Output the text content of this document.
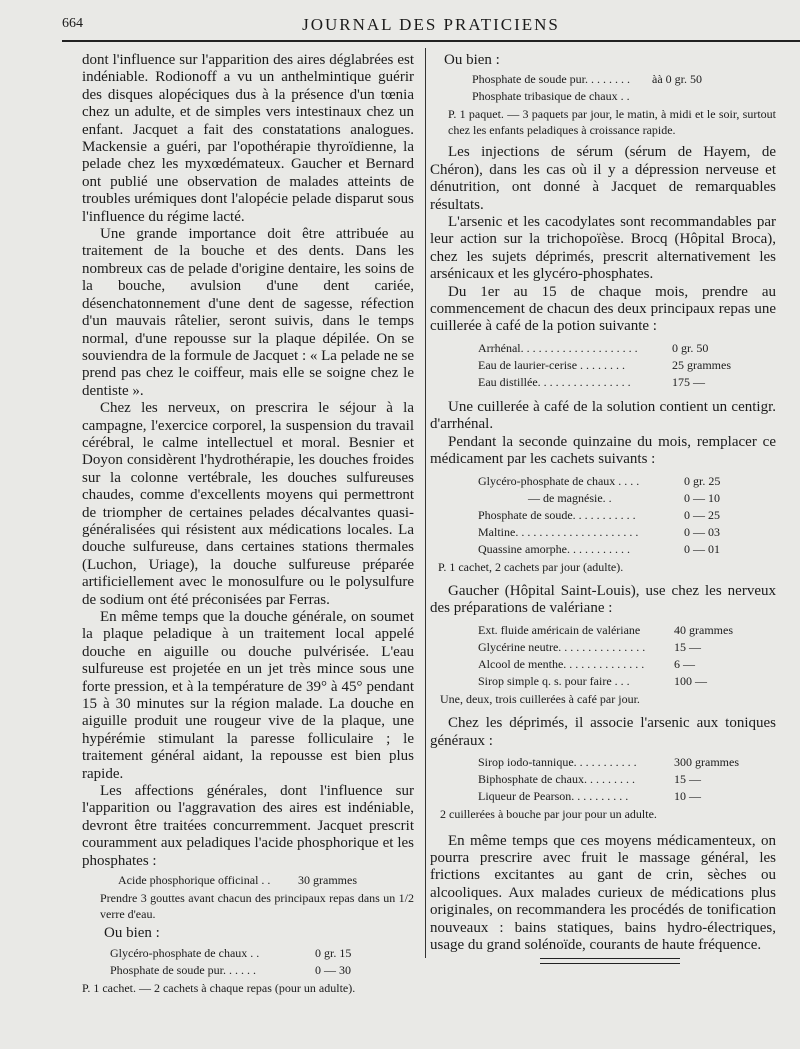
664	JOURNAL DES PRATICIENS

dont l'influence sur l'apparition des aires déglabrées est indéniable. Rodionoff a vu un anthelmintique guérir des disques alopéciques dus à la présence d'un tœnia chez un adulte, et de simples vers intestinaux chez un enfant. Jacquet a fait des constatations analogues. Mackensie a guéri, par l'opothérapie thyroïdienne, la pelade chez les myxœdémateux. Gaucher et Bernard ont publié une observation de malades atteints de troubles urémiques dont l'alopécie pelade disparut sous l'influence du régime lacté.

Une grande importance doit être attribuée au traitement de la bouche et des dents. Dans les nombreux cas de pelade d'origine dentaire, les soins de la bouche, avulsion d'une dent cariée, désenchatonnement d'une dent de sagesse, réfection d'un mauvais râtelier, seront suivis, dans le temps normal, d'une repousse sur la plaque dépilée. On se souviendra de la formule de Jacquet : « La pelade ne se prend pas chez le coiffeur, mais elle se soigne chez le dentiste ».

Chez les nerveux, on prescrira le séjour à la campagne, l'exercice corporel, la suspension du travail cérébral, le calme intellectuel et moral. Besnier et Doyon considèrent l'hydrothérapie, les douches froides sur la colonne vertébrale, les douches sulfureuses chaudes, comme d'excellents moyens qui permettront de triompher de certaines pelades décalvantes quasi-généralisées qui résistent aux médications locales. La douche sulfureuse, dans certaines stations thermales (Luchon, Uriage), la douche sulfureuse préparée artificiellement avec le monosulfure ou le polysulfure de sodium ont été préconisées par Ferras.

En même temps que la douche générale, on soumet la plaque peladique à un traitement local appelé douche en aiguille ou douche pulvérisée. L'eau sulfureuse est projetée en un jet très mince sous une forte pression, et à la température de 39° à 45° pendant 15 à 30 minutes sur la région malade. La douche en aiguille produit une rougeur vive de la plaque, une hypérémie stimulant la paresse folliculaire ; le traitement général aidant, la repousse est bien plus rapide.

Les affections générales, dont l'influence sur l'apparition ou l'aggravation des aires est indéniable, devront être traitées concurremment. Jacquet prescrit couramment aux peladiques l'acide phosphorique et les phosphates :

Acide phosphorique officinal . .	30 grammes

Prendre 3 gouttes avant chacun des principaux repas dans un 1/2 verre d'eau.

Ou bien :

Glycéro-phosphate de chaux . .	0 gr. 15
Phosphate de soude pur. . . . . .	0 — 30

P. 1 cachet. — 2 cachets à chaque repas (pour un adulte).

Ou bien :

Phosphate de soude pur. . . . . . . .	àà 0 gr. 50
Phosphate tribasique de chaux . .

P. 1 paquet. — 3 paquets par jour, le matin, à midi et le soir, surtout chez les enfants peladiques à croissance rapide.

Les injections de sérum (sérum de Hayem, de Chéron), dans les cas où il y a dépression nerveuse et dénutrition, ont donné à Jacquet de remarquables résultats.

L'arsenic et les cacodylates sont recommandables par leur action sur la trichopoïèse. Brocq (Hôpital Broca), chez les sujets déprimés, prescrit alternativement les arsénicaux et les glycéro-phosphates.

Du 1er au 15 de chaque mois, prendre au commencement de chacun des deux principaux repas une cuillerée à café de la potion suivante :

Arrhénal. . . . . . . . . . . . . . . . . . . .	0 gr. 50
Eau de laurier-cerise . . . . . . . .	25 grammes
Eau distillée. . . . . . . . . . . . . . . .	175 —

Une cuillerée à café de la solution contient un centigr. d'arrhénal.

Pendant la seconde quinzaine du mois, remplacer ce médicament par les cachets suivants :

Glycéro-phosphate de chaux . . . .	0 gr. 25
— de magnésie. .	0 — 10
Phosphate de soude. . . . . . . . . . .	0 — 25
Maltine. . . . . . . . . . . . . . . . . . . . .	0 — 03
Quassine amorphe. . . . . . . . . . .	0 — 01

P. 1 cachet, 2 cachets par jour (adulte).

Gaucher (Hôpital Saint-Louis), use chez les nerveux des préparations de valériane :

Ext. fluide américain de valériane	40 grammes
Glycérine neutre. . . . . . . . . . . . . . .	15 —
Alcool de menthe. . . . . . . . . . . . . .	6 —
Sirop simple q. s. pour faire . . .	100 —

Une, deux, trois cuillerées à café par jour.

Chez les déprimés, il associe l'arsenic aux toniques généraux :

Sirop iodo-tannique. . . . . . . . . . .	300 grammes
Biphosphate de chaux. . . . . . . . .	15 —
Liqueur de Pearson. . . . . . . . . .	10 —

2 cuillerées à bouche par jour pour un adulte.

En même temps que ces moyens médicamenteux, on pourra prescrire avec fruit le massage général, les frictions excitantes au gant de crin, sèches ou alcooliques. Aux malades curieux de médications plus originales, on recommandera les procédés de tonification nouveaux : bains statiques, bains hydro-électriques, usage du grand solénoïde, courants de haute fréquence.
